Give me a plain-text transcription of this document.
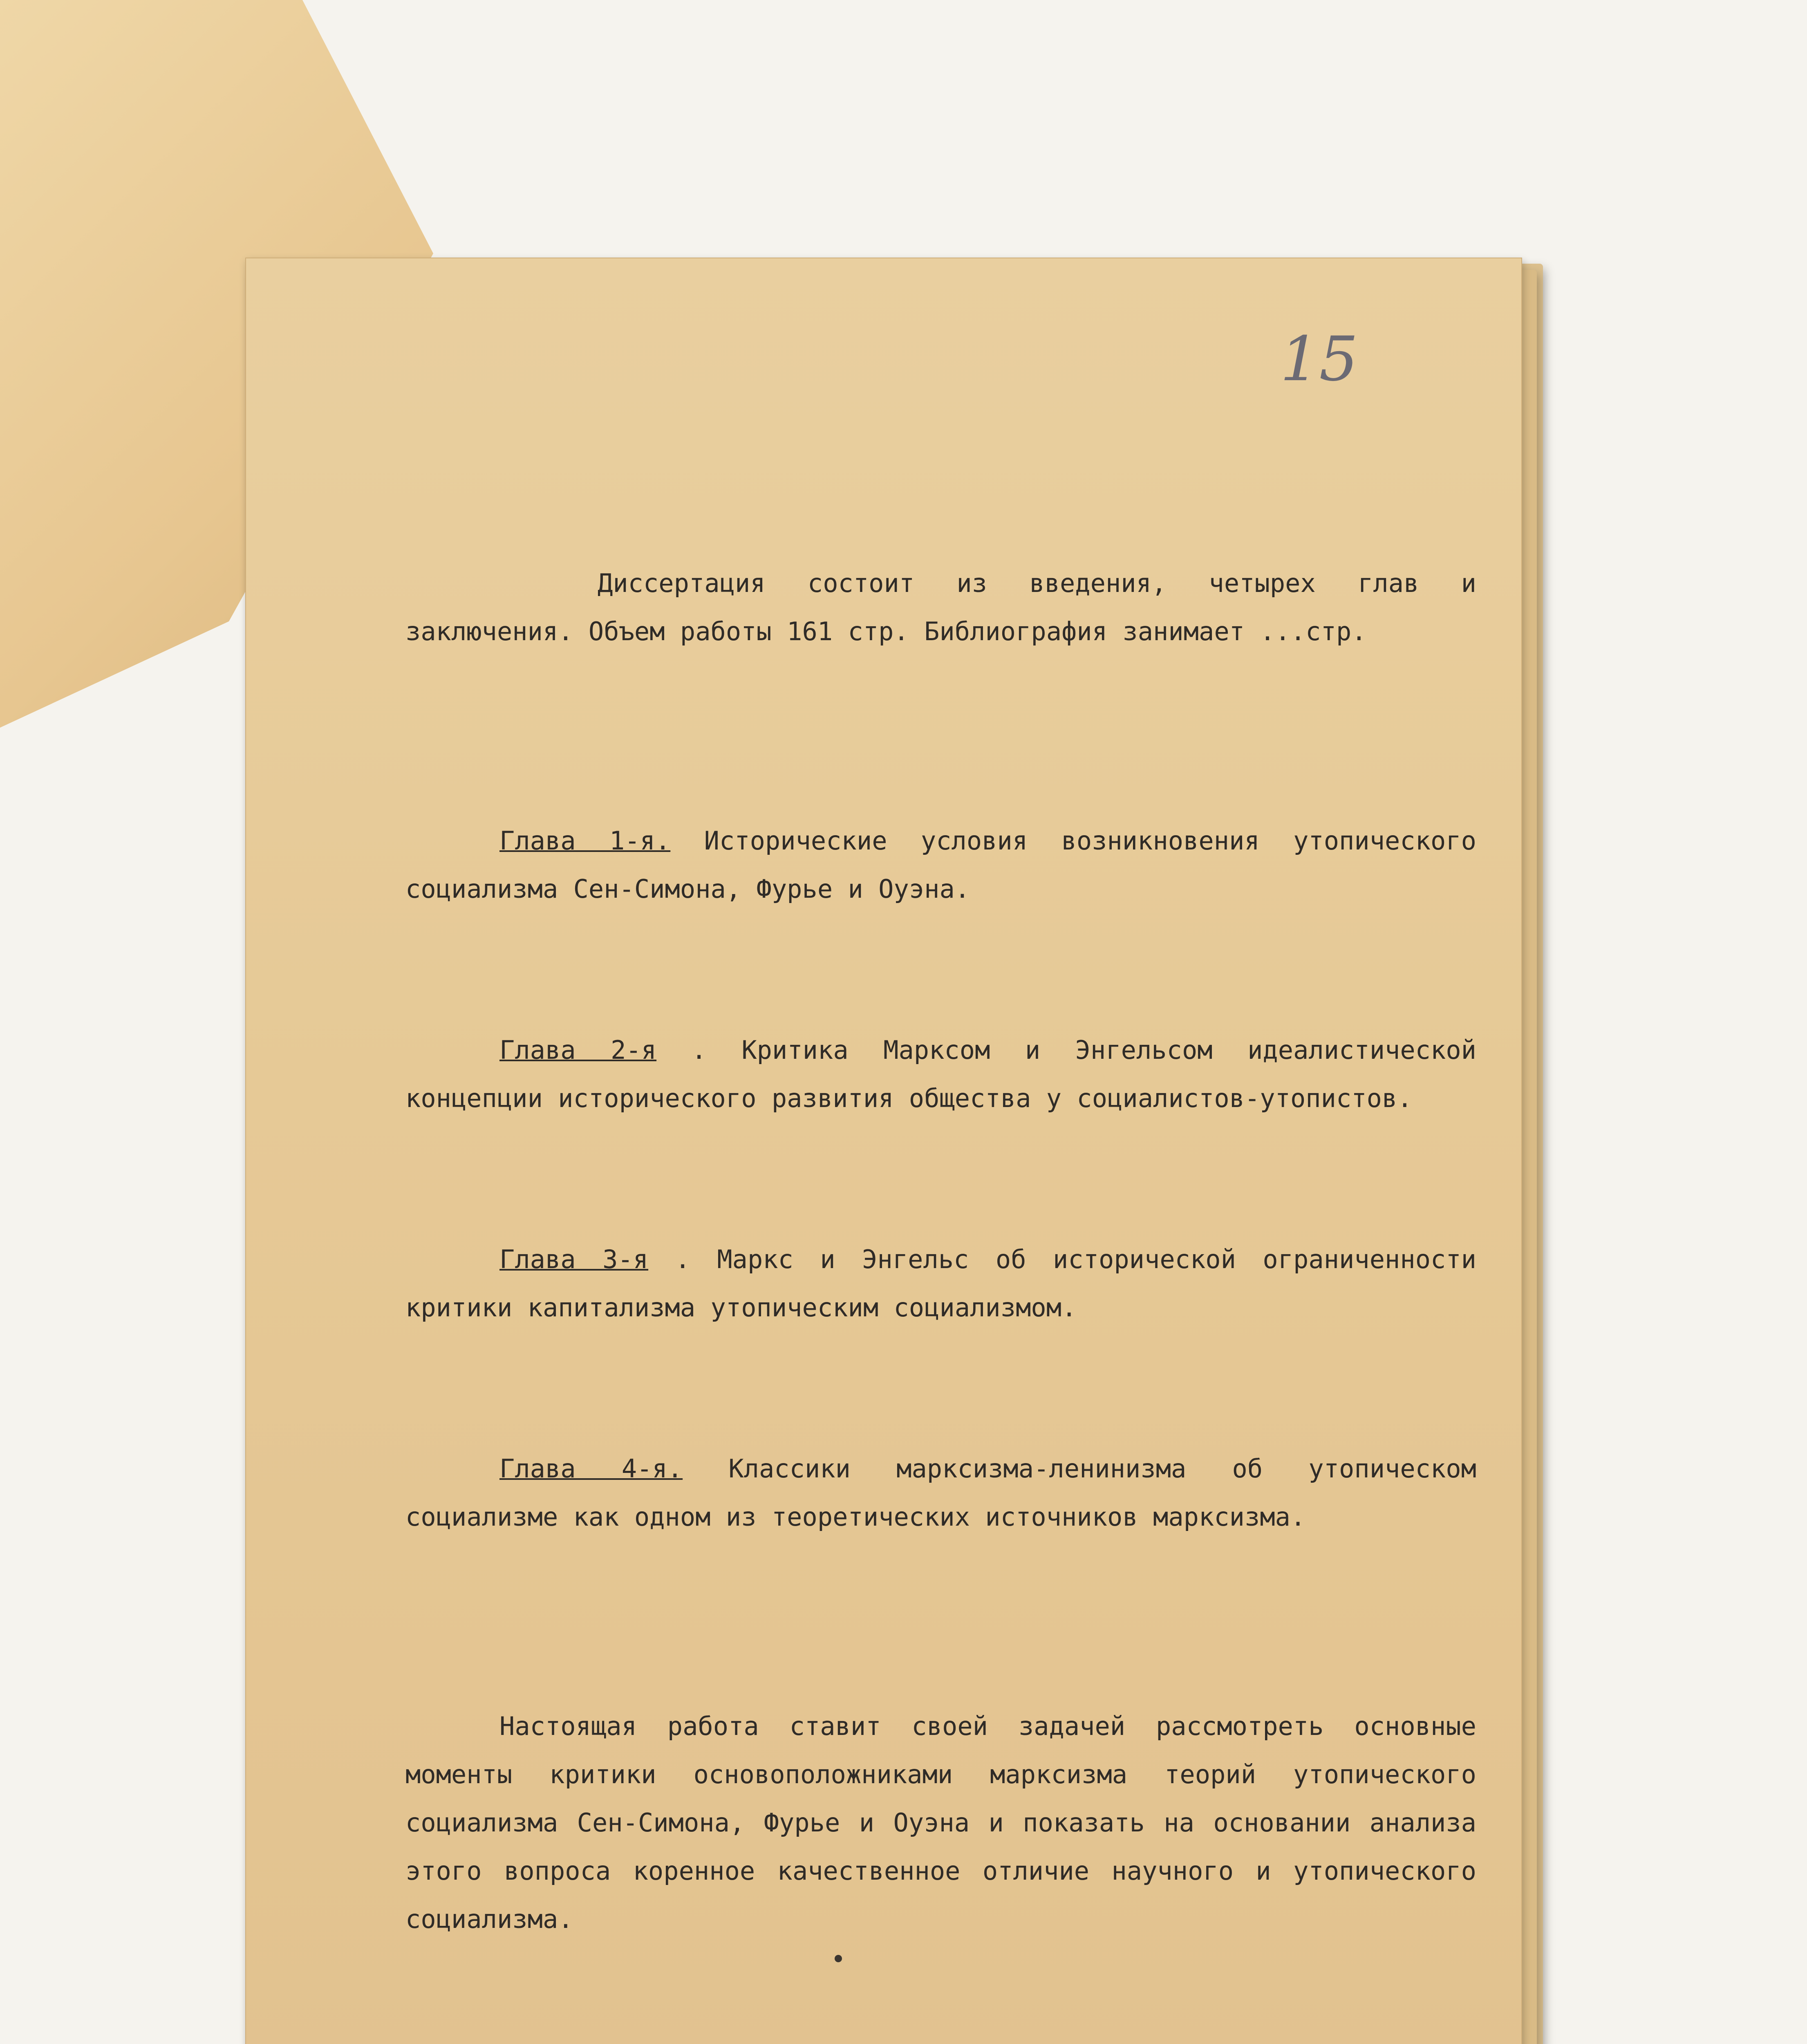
15

Диссертация состоит из введения, четырех глав и заключения. Объем работы 161 стр. Библиография занимает ...стр.

Глава 1-я. Исторические условия возникновения утопического социализма Сен-Симона, Фурье и Оуэна.

Глава 2-я . Критика Марксом и Энгельсом идеалистической концепции исторического развития общества у социалистов-утопистов.

Глава 3-я . Маркс и Энгельс об исторической ограниченности критики капитализма утопическим социализмом.

Глава 4-я. Классики марксизма-ленинизма об утопическом социализме как одном из теоретических источников марксизма.

Настоящая работа ставит своей задачей рассмотреть основные моменты критики основоположниками марксизма теорий утопического социализма Сен-Симона, Фурье и Оуэна и показать на основании анализа этого вопроса коренное качественное отличие научного и утопического социализма.
